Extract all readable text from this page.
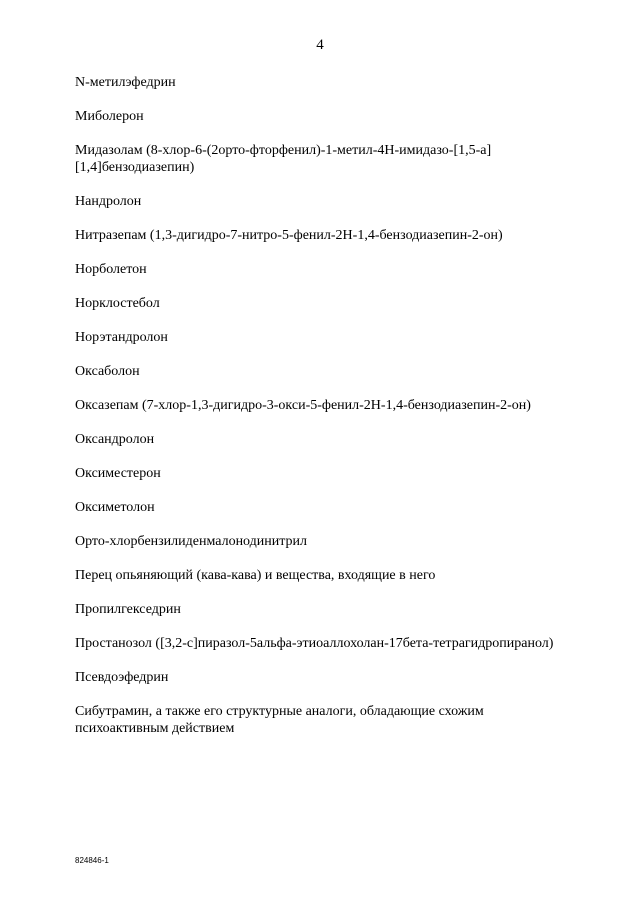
4
N-метилэфедрин
Миболерон
Мидазолам (8-хлор-6-(2орто-фторфенил)-1-метил-4Н-имидазо-[1,5-а][1,4]бензодиазепин)
Нандролон
Нитразепам (1,3-дигидро-7-нитро-5-фенил-2Н-1,4-бензодиазепин-2-он)
Норболетон
Норклостебол
Норэтандролон
Оксаболон
Оксазепам (7-хлор-1,3-дигидро-3-окси-5-фенил-2Н-1,4-бензодиазепин-2-он)
Оксандролон
Оксиместерон
Оксиметолон
Орто-хлорбензилиденмалонодинитрил
Перец опьяняющий (кава-кава) и вещества, входящие в него
Пропилгекседрин
Простанозол ([3,2-с]пиразол-5альфа-этиоаллохолан-17бета-тетрагидропиранол)
Псевдоэфедрин
Сибутрамин, а также его структурные аналоги, обладающие схожим психоактивным действием
824846-1
